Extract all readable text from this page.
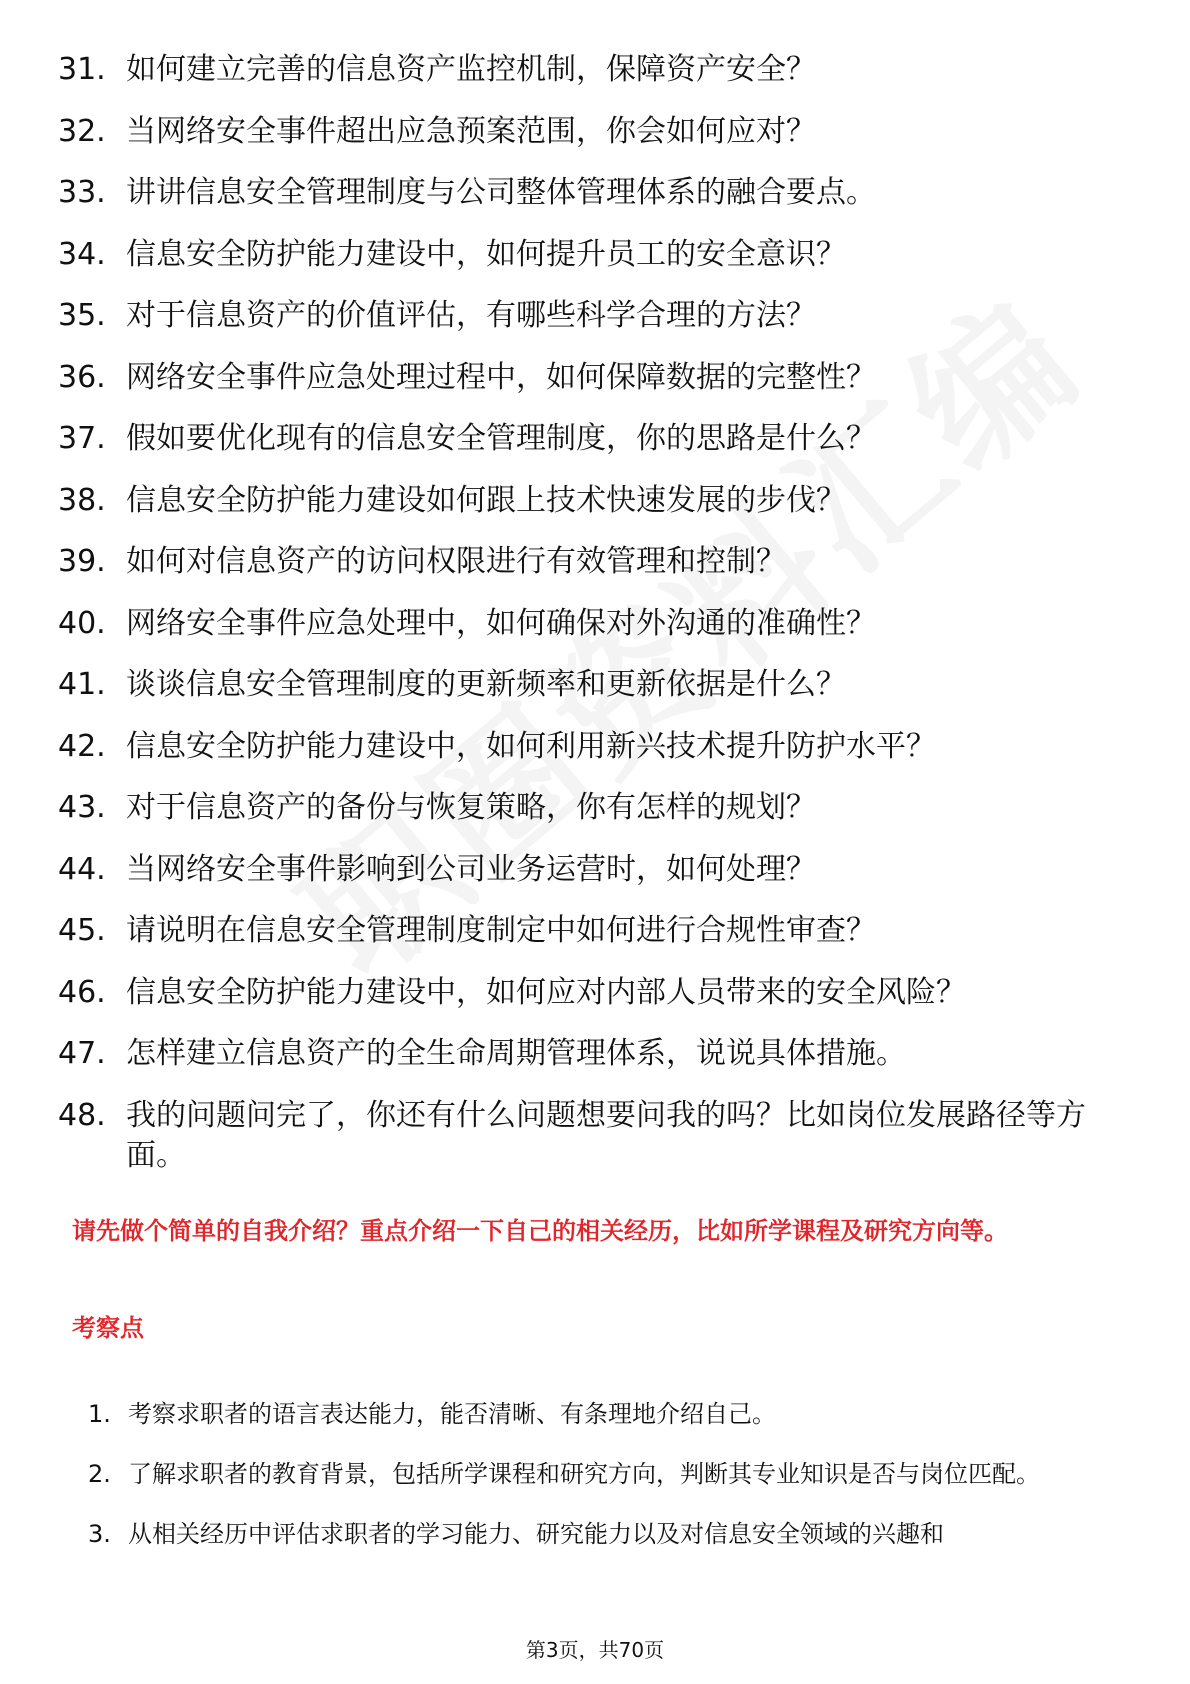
31. 如何建立完善的信息资产监控机制，保障资产安全？
32. 当网络安全事件超出应急预案范围，你会如何应对？
33. 讲讲信息安全管理制度与公司整体管理体系的融合要点。
34. 信息安全防护能力建设中，如何提升员工的安全意识？
35. 对于信息资产的价值评估，有哪些科学合理的方法？
36. 网络安全事件应急处理过程中，如何保障数据的完整性？
37. 假如要优化现有的信息安全管理制度，你的思路是什么？
38. 信息安全防护能力建设如何跟上技术快速发展的步伐？
39. 如何对信息资产的访问权限进行有效管理和控制？
40. 网络安全事件应急处理中，如何确保对外沟通的准确性？
41. 谈谈信息安全管理制度的更新频率和更新依据是什么？
42. 信息安全防护能力建设中，如何利用新兴技术提升防护水平？
43. 对于信息资产的备份与恢复策略，你有怎样的规划？
44. 当网络安全事件影响到公司业务运营时，如何处理？
45. 请说明在信息安全管理制度制定中如何进行合规性审查？
46. 信息安全防护能力建设中，如何应对内部人员带来的安全风险？
47. 怎样建立信息资产的全生命周期管理体系，说说具体措施。
48. 我的问题问完了，你还有什么问题想要问我的吗？比如岗位发展路径等方面。

请先做个简单的自我介绍？重点介绍一下自己的相关经历，比如所学课程及研究方向等。

考察点
1. 考察求职者的语言表达能力，能否清晰、有条理地介绍自己。
2. 了解求职者的教育背景，包括所学课程和研究方向，判断其专业知识是否与岗位匹配。
3. 从相关经历中评估求职者的学习能力、研究能力以及对信息安全领域的兴趣和
第3页，共70页
